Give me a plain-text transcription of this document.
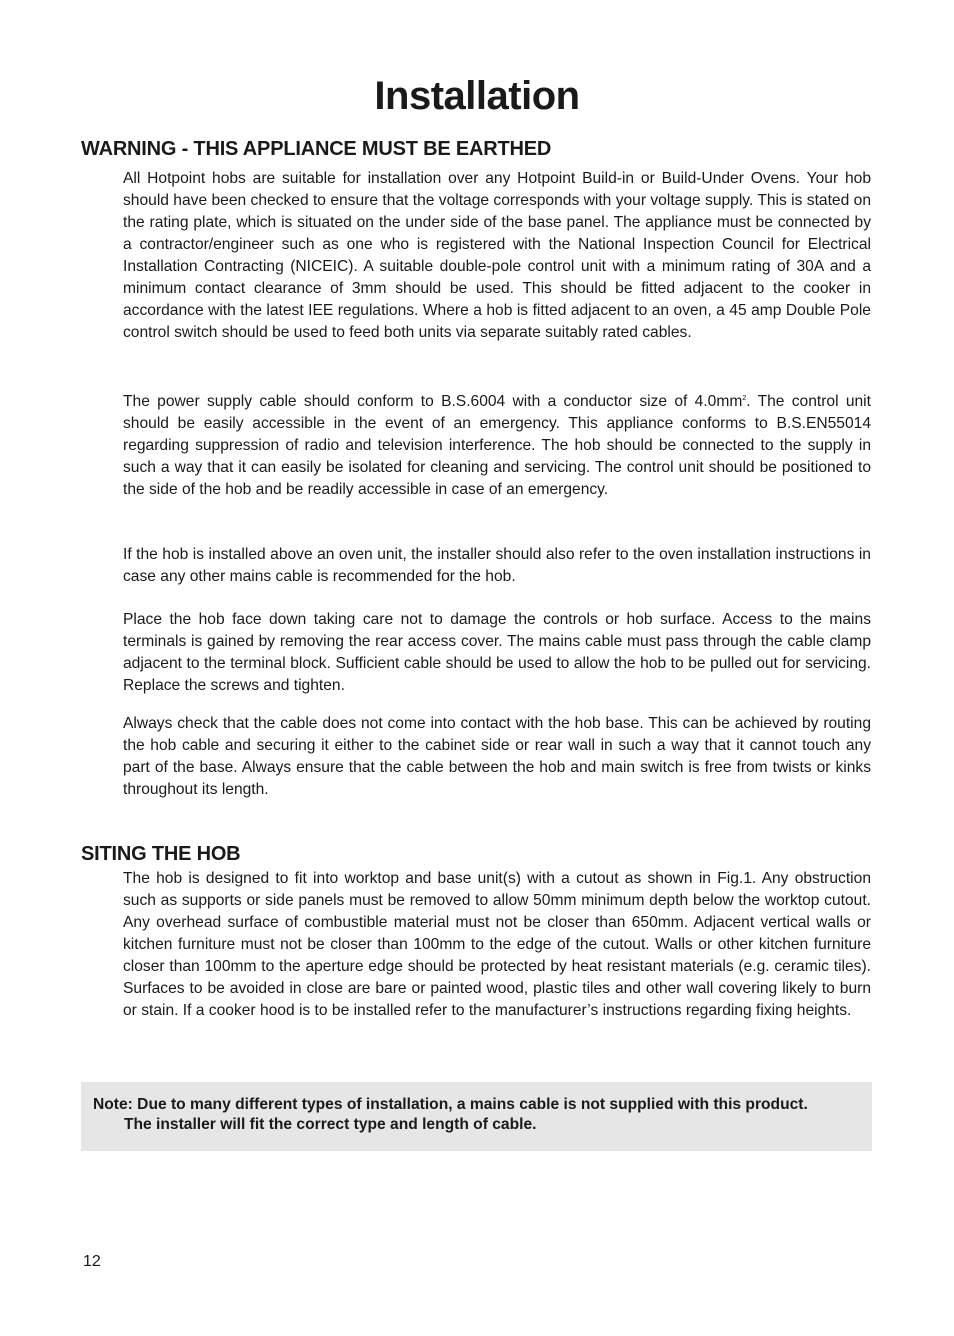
Installation
WARNING - THIS APPLIANCE MUST BE EARTHED

All Hotpoint hobs are suitable for installation over any Hotpoint Build-in or Build-Under Ovens. Your hob should have been checked to ensure that the voltage corresponds with your voltage supply. This is stated on the rating plate, which is situated on the under side of the base panel. The appliance must be connected by a contractor/engineer such as one who is registered with the National Inspection Council for Electrical Installation Contracting (NICEIC). A suitable double-pole control unit with a minimum rating of 30A and a minimum contact clearance of 3mm should be used. This should be fitted adjacent to the cooker in accordance with the latest IEE regulations. Where a hob is fitted adjacent to an oven, a 45 amp Double Pole control switch should be used to feed both units via separate suitably rated cables.

The power supply cable should conform to B.S.6004 with a conductor size of $4.0mm^2$. The control unit should be easily accessible in the event of an emergency. This appliance conforms to B.S.EN55014 regarding suppression of radio and television interference. The hob should be connected to the supply in such a way that it can easily be isolated for cleaning and servicing. The control unit should be positioned to the side of the hob and be readily accessible in case of an emergency.

If the hob is installed above an oven unit, the installer should also refer to the oven installation instructions in case any other mains cable is recommended for the hob.

Place the hob face down taking care not to damage the controls or hob surface. Access to the mains terminals is gained by removing the rear access cover. The mains cable must pass through the cable clamp adjacent to the terminal block. Sufficient cable should be used to allow the hob to be pulled out for servicing. Replace the screws and tighten.

Always check that the cable does not come into contact with the hob base. This can be achieved by routing the hob cable and securing it either to the cabinet side or rear wall in such a way that it cannot touch any part of the base. Always ensure that the cable between the hob and main switch is free from twists or kinks throughout its length.

SITING THE HOB

The hob is designed to fit into worktop and base unit(s) with a cutout as shown in Fig.1. Any obstruction such as supports or side panels must be removed to allow 50mm minimum depth below the worktop cutout. Any overhead surface of combustible material must not be closer than 650mm. Adjacent vertical walls or kitchen furniture must not be closer than 100mm to the edge of the cutout. Walls or other kitchen furniture closer than 100mm to the aperture edge should be protected by heat resistant materials (e.g. ceramic tiles). Surfaces to be avoided in close are bare or painted wood, plastic tiles and other wall covering likely to burn or stain. If a cooker hood is to be installed refer to the manufacturer’s instructions regarding fixing heights.

Note: Due to many different types of installation, a mains cable is not supplied with this product. The installer will fit the correct type and length of cable.

12
